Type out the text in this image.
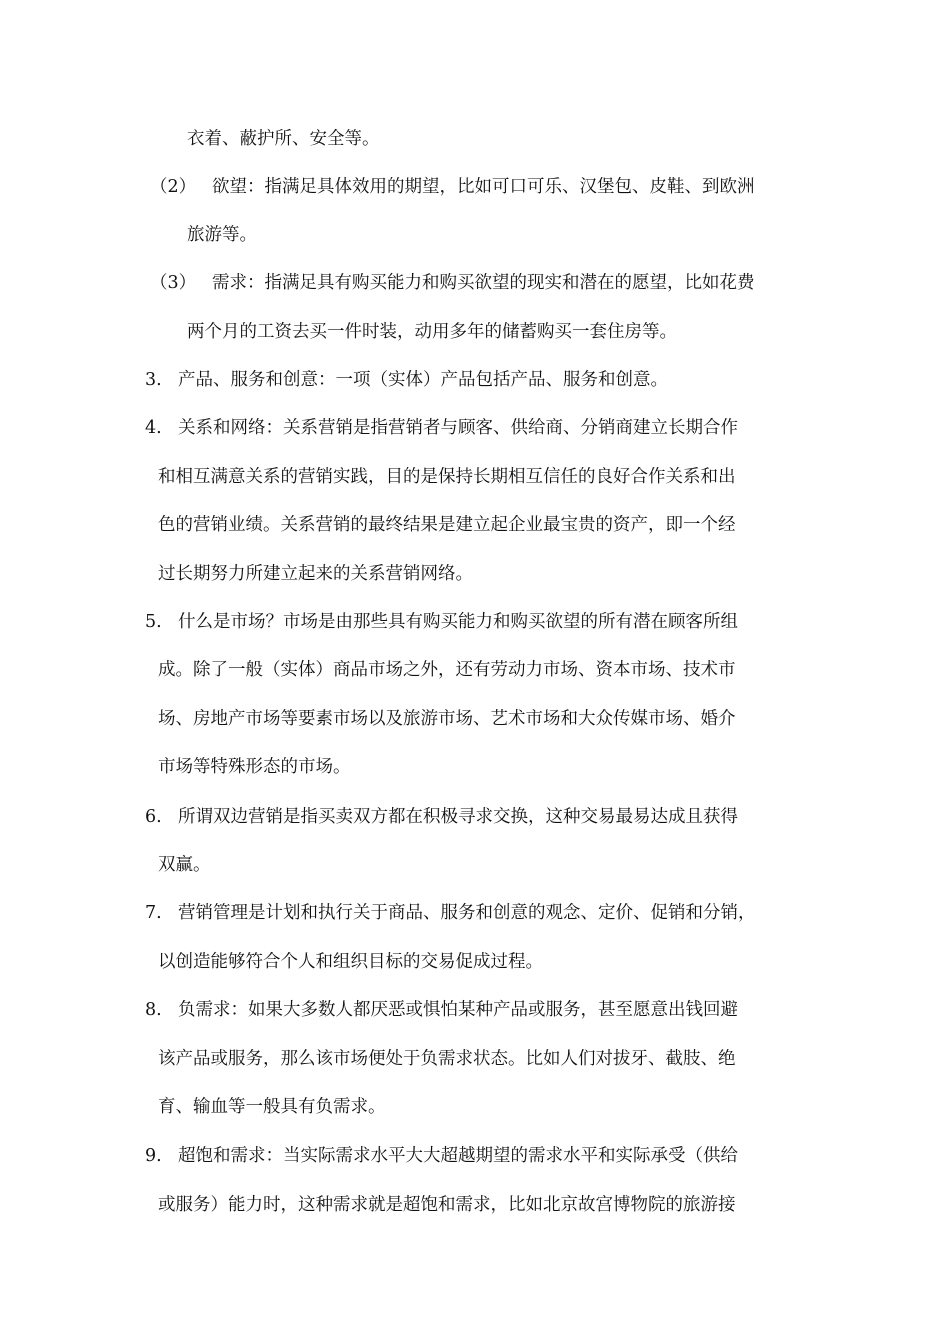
衣着、蔽护所、安全等。
（2） 欲望：指满足具体效用的期望，比如可口可乐、汉堡包、皮鞋、到欧洲
旅游等。
（3） 需求：指满足具有购买能力和购买欲望的现实和潜在的愿望，比如花费
两个月的工资去买一件时装，动用多年的储蓄购买一套住房等。
3. 产品、服务和创意：一项（实体）产品包括产品、服务和创意。
4. 关系和网络：关系营销是指营销者与顾客、供给商、分销商建立长期合作
和相互满意关系的营销实践，目的是保持长期相互信任的良好合作关系和出
色的营销业绩。关系营销的最终结果是建立起企业最宝贵的资产，即一个经
过长期努力所建立起来的关系营销网络。
5. 什么是市场？市场是由那些具有购买能力和购买欲望的所有潜在顾客所组
成。除了一般（实体）商品市场之外，还有劳动力市场、资本市场、技术市
场、房地产市场等要素市场以及旅游市场、艺术市场和大众传媒市场、婚介
市场等特殊形态的市场。
6. 所谓双边营销是指买卖双方都在积极寻求交换，这种交易最易达成且获得
双赢。
7. 营销管理是计划和执行关于商品、服务和创意的观念、定价、促销和分销，
以创造能够符合个人和组织目标的交易促成过程。
8. 负需求：如果大多数人都厌恶或惧怕某种产品或服务，甚至愿意出钱回避
该产品或服务，那么该市场便处于负需求状态。比如人们对拔牙、截肢、绝
育、输血等一般具有负需求。
9. 超饱和需求：当实际需求水平大大超越期望的需求水平和实际承受（供给
或服务）能力时，这种需求就是超饱和需求，比如北京故宫博物院的旅游接
